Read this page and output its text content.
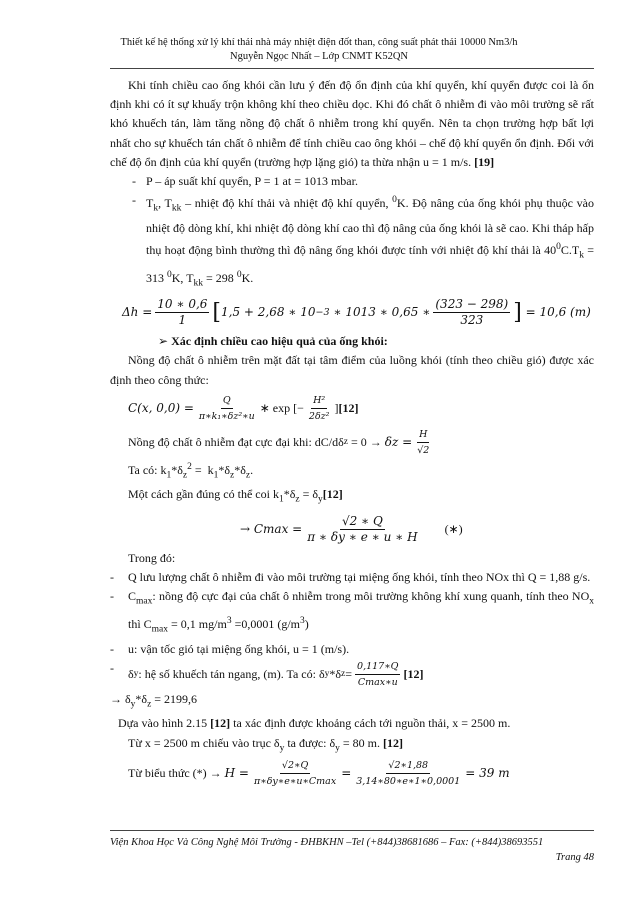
Thiết kế hệ thống xử lý khí thải nhà máy nhiệt điện đốt than, công suất phát thải 10000 Nm3/h
Nguyễn Ngọc Nhất – Lớp CNMT K52QN

Khi tính chiều cao ống khói cần lưu ý đến độ ổn định của khí quyển, khí quyển được coi là ổn định khi có ít sự khuấy trộn không khí theo chiều dọc. Khi đó chất ô nhiễm đi vào môi trường sẽ rất khó khuếch tán, làm tăng nồng độ chất ô nhiễm trong khí quyển. Nên ta chọn trường hợp bất lợi nhất cho sự khuếch tán chất ô nhiễm để tính chiều cao ông khói – chế độ khí quyển ổn định. Đối với chế độ ổn định của khí quyển (trường hợp lặng gió) ta thừa nhận u = 1 m/s. [19]

- P – áp suất khí quyển, P = 1 at = 1013 mbar.

- $T_k$, $T_{kk}$ – nhiệt độ khí thải và nhiệt độ khí quyển, $^0$K. Độ nâng của ống khói phụ thuộc vào nhiệt độ dòng khí, khi nhiệt độ dòng khí cao thì độ nâng của ống khói là sẽ cao. Khi tháp hấp thụ hoạt động bình thường thì độ nâng ống khói được tính với nhiệt độ khí thải là $40^0C.T_k = 313$ $^0$K, $T_{kk} = 298$ $^0$K.

$\Delta h = \frac{10 ∗ 0,6}{1}$ [ 1,5 + 2,68 ∗ 10 −3 ∗ 1013 ∗ 0,65 ∗ $\frac{(323 - 298)}{323}$ ]
= 10,6 (m)

➢ Xác định chiều cao hiệu quả của ống khói:

Nồng độ chất ô nhiễm trên mặt đất tại tâm điểm của luồng khói (tính theo chiều gió) được xác định theo công thức:

C(x, $0,0) = \frac{Q}{\text{π∗k₁∗δz²∗u}}$ ∗ exp [− $\frac{\text{H²}}{\text{2δz²}}$ ] [12]
Nồng độ chất ô nhiễm đạt cực đại khi: dC/dδ z = 0 →
$\delta z = \frac{H}{√2}$

Ta có: $k_1*\delta_z^2 = k_1*\delta_z*\delta_z$.

Một cách gần đúng có thể coi $k_1*\delta_z = \delta_y[12]$

→ $Cmax = \frac{√2 ∗ Q}{\pi ∗ \delta y ∗ e ∗ u ∗ H}$ (∗)

Trong đó:

- Q lưu lượng chất ô nhiễm đi vào môi trường tại miệng ống khói, tính theo NOx thì Q = 1,88 g/s.

- $C_{max}$: nồng độ cực đại của chất ô nhiễm trong môi trường không khí xung quanh, tính theo $NO_x$ thì $C_{max} = 0,1$ $mg/m^3 =0,0001$ $(g/m^3)$

- u: vận tốc gió tại miệng ống khói, u = 1 (m/s).

- δ y : hệ số khuếch tán ngang, (m). Ta có: δ y *δ $z = \frac{0,117∗Q}{Cmax∗u} [12]$

→ $\delta_y*\delta_z = 2199,6$

Dựa vào hình 2.15 [12] ta xác định được khoảng cách tới nguồn thải, x = 2500 m.

Từ x = 2500 m chiếu vào trục $\delta_y$ ta được: $\delta_y = 80$ m. [12]

Từ biểu thức (*) →
$H = \frac{√2∗Q}{\pi∗\delta y∗e∗u∗Cmax} = \frac{√2∗1,88}{3,14∗80∗e∗1∗0,0001} = 39$ m
Viện Khoa Học Và Công Nghệ Môi Trường - ĐHBKHN –Tel (+844)38681686 – Fax: (+844)38693551
Trang 48
